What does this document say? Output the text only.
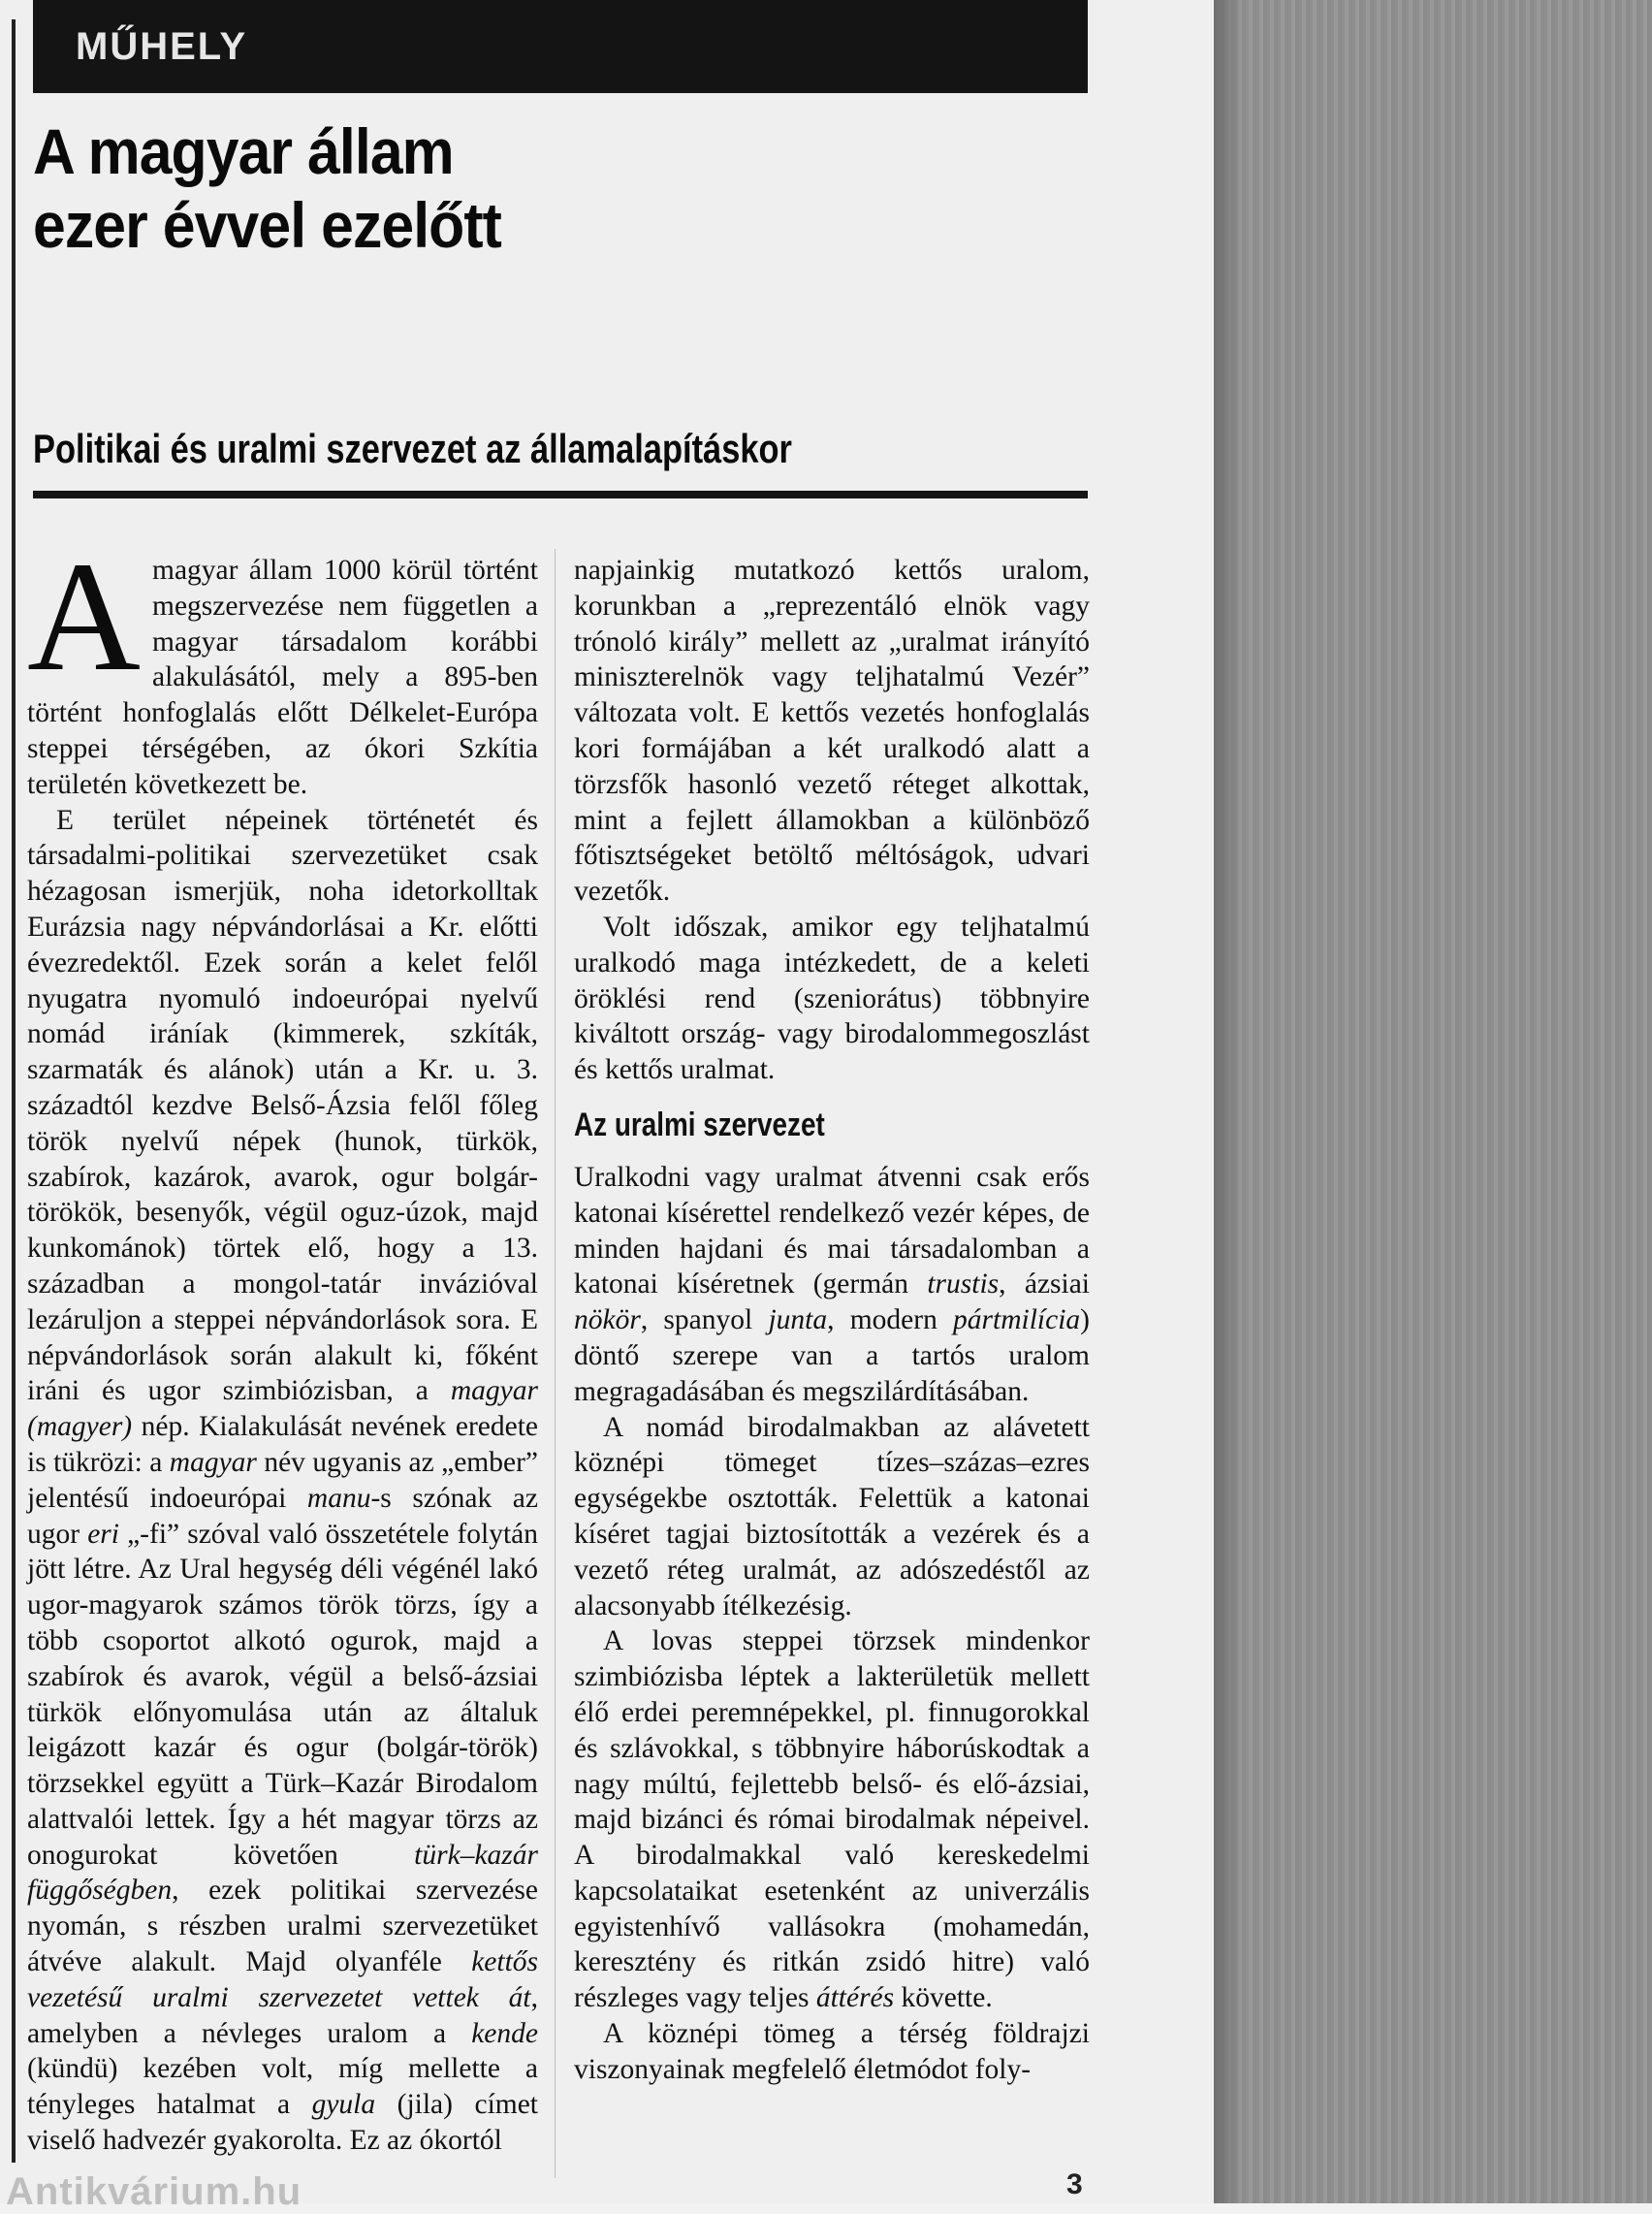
MŰHELY
A magyar állam
ezer évvel ezelőtt
Politikai és uralmi szervezet az államalapításkor

Amagyar állam 1000 körül történt megszervezése nem független a magyar társadalom korábbi alakulásától, mely a 895-ben történt honfoglalás előtt Délkelet-Európa steppei térségében, az ókori Szkítia területén következett be.

E terület népeinek történetét és társadalmi-politikai szervezetüket csak hézagosan ismerjük, noha idetorkolltak Eurázsia nagy népvándorlásai a Kr. előtti évezredektől. Ezek során a kelet felől nyugatra nyomuló indoeurópai nyelvű nomád iráníak (kimmerek, szkíták, szarmaták és alánok) után a Kr. u. 3. századtól kezdve Belső-Ázsia felől főleg török nyelvű népek (hunok, türkök, szabírok, kazárok, avarok, ogur bolgár-törökök, besenyők, végül oguz-úzok, majd kunkománok) törtek elő, hogy a 13. században a mongol-tatár invázióval lezáruljon a steppei népvándorlások sora. E népvándorlások során alakult ki, főként iráni és ugor szimbiózisban, a magyar (magyer) nép. Kialakulását nevének eredete is tükrözi: a magyar név ugyanis az „ember” jelentésű indoeurópai manu-s szónak az ugor eri „-fi” szóval való összetétele folytán jött létre. Az Ural hegység déli végénél lakó ugor-magyarok számos török törzs, így a több csoportot alkotó ogurok, majd a szabírok és avarok, végül a belső-ázsiai türkök előnyomulása után az általuk leigázott kazár és ogur (bolgár-török) törzsekkel együtt a Türk–Kazár Birodalom alattvalói lettek. Így a hét magyar törzs az onogurokat követően türk–kazár függőségben, ezek politikai szervezése nyomán, s részben uralmi szervezetüket átvéve alakult. Majd olyanféle kettős vezetésű uralmi szervezetet vettek át, amelyben a névleges uralom a kende (kündü) kezében volt, míg mellette a tényleges hatalmat a gyula (jila) címet viselő hadvezér gyakorolta. Ez az ókortól

napjainkig mutatkozó kettős uralom, korunkban a „reprezentáló elnök vagy trónoló király” mellett az „uralmat irányító miniszterelnök vagy teljhatalmú Vezér” változata volt. E kettős vezetés honfoglalás kori formájában a két uralkodó alatt a törzsfők hasonló vezető réteget alkottak, mint a fejlett államokban a különböző főtisztségeket betöltő méltóságok, udvari vezetők.

Volt időszak, amikor egy teljhatalmú uralkodó maga intézkedett, de a keleti öröklési rend (szeniorátus) többnyire kiváltott ország- vagy birodalommegoszlást és kettős uralmat.

Az uralmi szervezet

Uralkodni vagy uralmat átvenni csak erős katonai kísérettel rendelkező vezér képes, de minden hajdani és mai társadalomban a katonai kíséretnek (germán trustis, ázsiai nökör, spanyol junta, modern pártmilícia) döntő szerepe van a tartós uralom megragadásában és megszilárdításában.

A nomád birodalmakban az alávetett köznépi tömeget tízes–százas–ezres egységekbe osztották. Felettük a katonai kíséret tagjai biztosították a vezérek és a vezető réteg uralmát, az adószedéstől az alacsonyabb ítélkezésig.

A lovas steppei törzsek mindenkor szimbiózisba léptek a lakterületük mellett élő erdei peremnépekkel, pl. finnugorokkal és szlávokkal, s többnyire háborúskodtak a nagy múltú, fejlettebb belső- és elő-ázsiai, majd bizánci és római birodalmak népeivel. A birodalmakkal való kereskedelmi kapcsolataikat esetenként az univerzális egyistenhívő vallásokra (mohamedán, keresztény és ritkán zsidó hitre) való részleges vagy teljes áttérés követte.

A köznépi tömeg a térség földrajzi viszonyainak megfelelő életmódot foly-

Antikvárium.hu	3
